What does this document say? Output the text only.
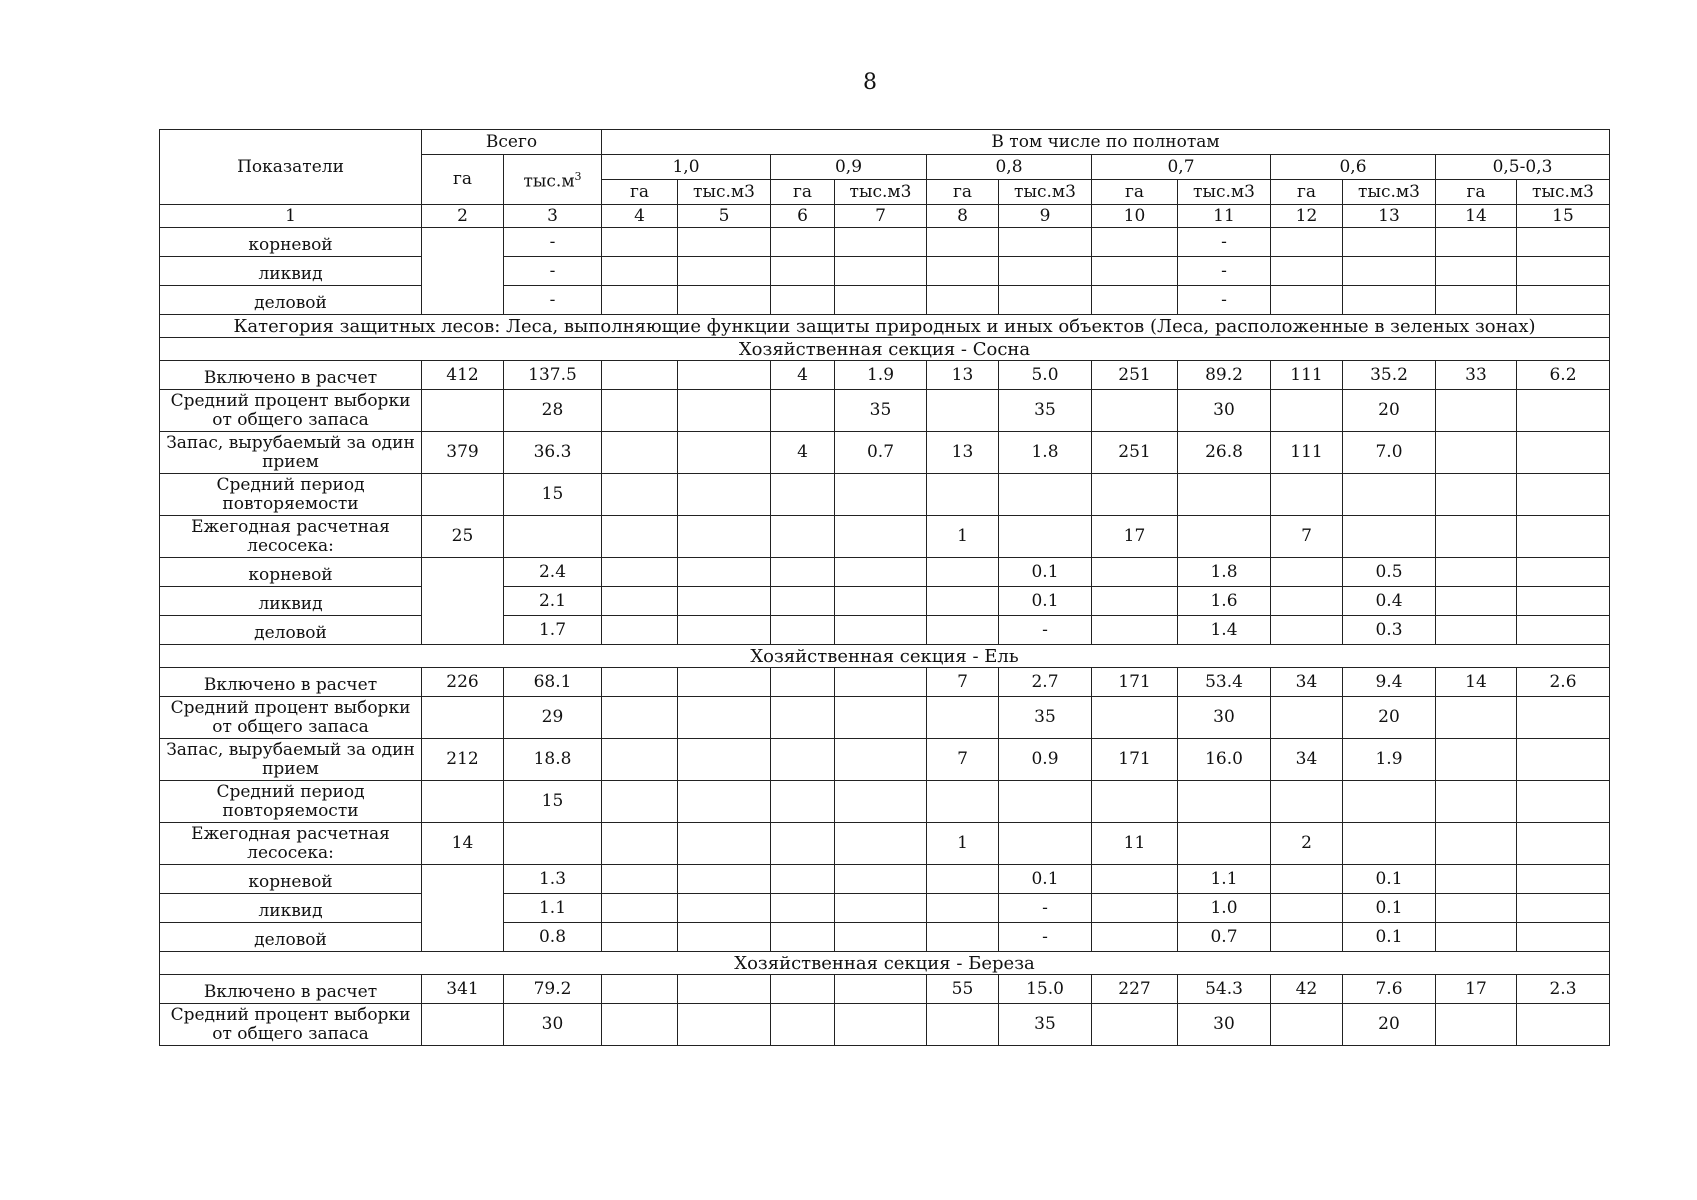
8
Показатели	Всего		В том числе по полнотам											
	га	$тыс.м^3$	1,0		0,9		0,8		0,7		0,6		0,5-0,3	
			га	тыс.м3	га	тыс.м3	га	тыс.м3	га	тыс.м3	га	тыс.м3	га	тыс.м3
1	2	3	4	5	6	7	8	9	10	11	12	13	14	15
корневой		-								-				
ликвид		-								-				
деловой		-								-				
Категория защитных лесов: Леса, выполняющие функции защиты природных и иных объектов (Леса, расположенные в зеленых зонах)														
Хозяйственная секция - Сосна														
Включено в расчет	412	137.5			4	1.9	13	5.0	251	89.2	111	35.2	33	6.2
Средний процент выборки от общего запаса		28				35		35		30		20		
Запас, вырубаемый за один прием	379	36.3			4	0.7	13	1.8	251	26.8	111	7.0		
Средний период повторяемости		15												
Ежегодная расчетная лесосека:	25						1		17		7			
корневой		2.4						0.1		1.8		0.5		
ликвид		2.1						0.1		1.6		0.4		
деловой		1.7						-		1.4		0.3		
Хозяйственная секция - Ель														
Включено в расчет	226	68.1					7	2.7	171	53.4	34	9.4	14	2.6
Средний процент выборки от общего запаса		29						35		30		20		
Запас, вырубаемый за один прием	212	18.8					7	0.9	171	16.0	34	1.9		
Средний период повторяемости		15												
Ежегодная расчетная лесосека:	14						1		11		2			
корневой		1.3						0.1		1.1		0.1		
ликвид		1.1						-		1.0		0.1		
деловой		0.8						-		0.7		0.1		
Хозяйственная секция - Береза														
Включено в расчет	341	79.2					55	15.0	227	54.3	42	7.6	17	2.3
Средний процент выборки от общего запаса		30						35		30		20		
